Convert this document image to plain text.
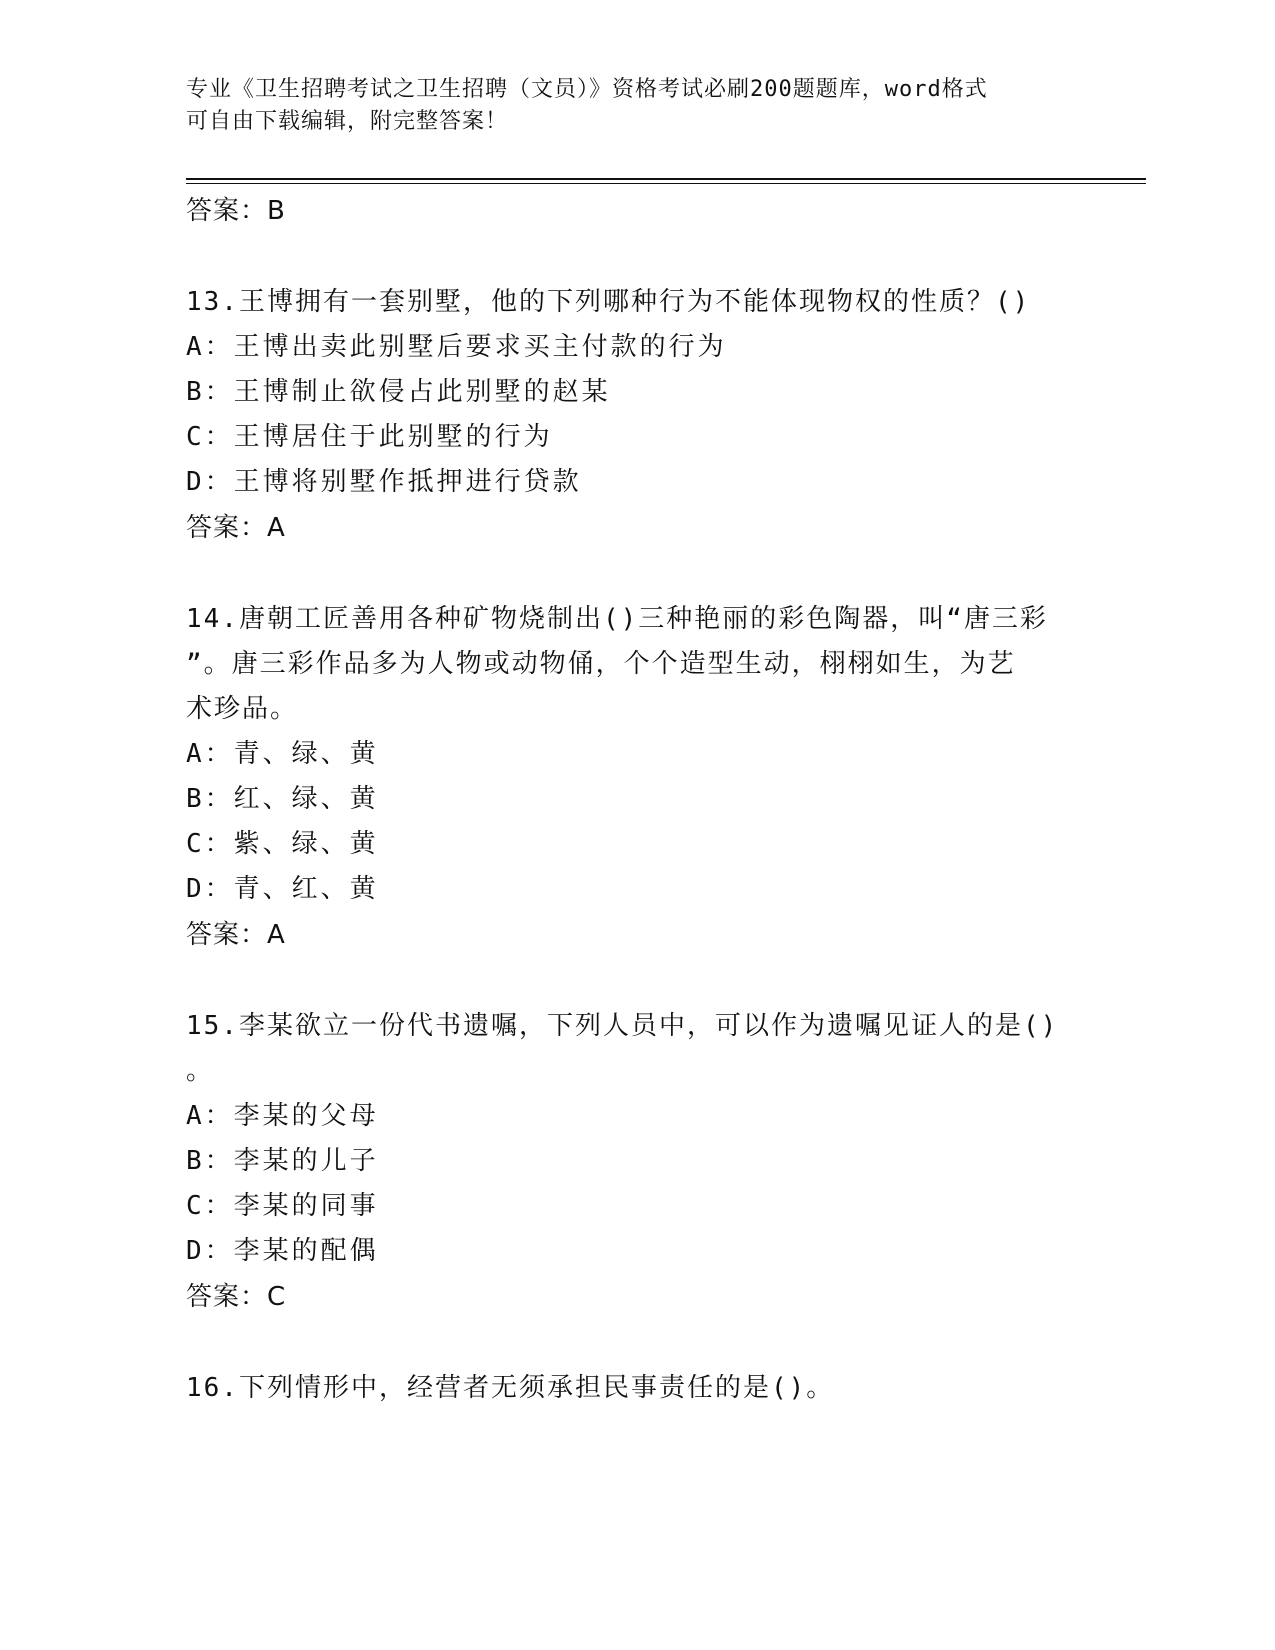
专业《卫生招聘考试之卫生招聘（文员）》资格考试必刷200题题库，word格式
可自由下载编辑，附完整答案！
答案：B
13.王博拥有一套别墅，他的下列哪种行为不能体现物权的性质？()
A：王博出卖此别墅后要求买主付款的行为
B：王博制止欲侵占此别墅的赵某
C：王博居住于此别墅的行为
D：王博将别墅作抵押进行贷款
答案：A
14.唐朝工匠善用各种矿物烧制出()三种艳丽的彩色陶器，叫“唐三彩
”。唐三彩作品多为人物或动物俑，个个造型生动，栩栩如生，为艺
术珍品。
A：青、绿、黄
B：红、绿、黄
C：紫、绿、黄
D：青、红、黄
答案：A
15.李某欲立一份代书遗嘱，下列人员中，可以作为遗嘱见证人的是()
。
A：李某的父母
B：李某的儿子
C：李某的同事
D：李某的配偶
答案：C
16.下列情形中，经营者无须承担民事责任的是()。
